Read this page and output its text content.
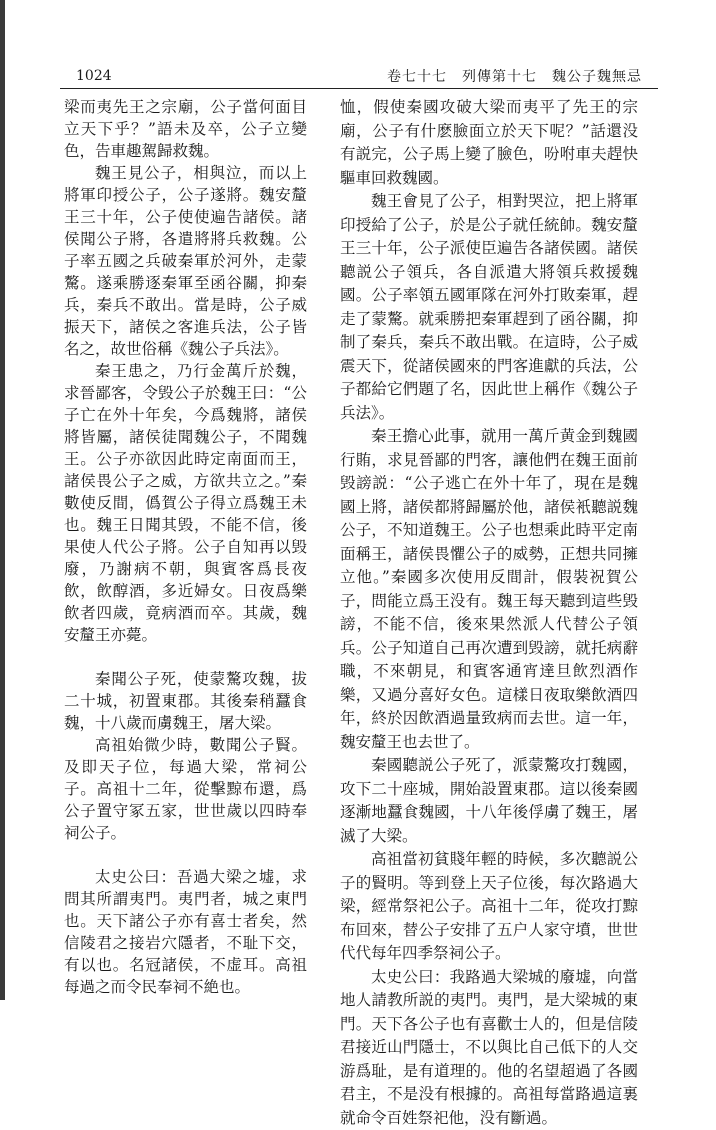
1024	卷七十七　列傳第十七　魏公子魏無忌

梁而夷先王之宗廟，公子當何面目立天下乎？”語未及卒，公子立變色，告車趣駕歸救魏。

魏王見公子，相與泣，而以上將軍印授公子，公子遂將。魏安釐王三十年，公子使使遍告諸侯。諸侯聞公子將，各遣將將兵救魏。公子率五國之兵破秦軍於河外，走蒙驁。遂乘勝逐秦軍至函谷關，抑秦兵，秦兵不敢出。當是時，公子威振天下，諸侯之客進兵法，公子皆名之，故世俗稱《魏公子兵法》。

秦王患之，乃行金萬斤於魏，求晉鄙客，令毁公子於魏王曰：“公子亡在外十年矣，今爲魏將，諸侯將皆屬，諸侯徒聞魏公子，不聞魏王。公子亦欲因此時定南面而王，諸侯畏公子之威，方欲共立之。”秦數使反間，僞賀公子得立爲魏王未也。魏王日聞其毁，不能不信，後果使人代公子將。公子自知再以毁廢，乃謝病不朝，與賓客爲長夜飲，飲醇酒，多近婦女。日夜爲樂飲者四歲，竟病酒而卒。其歲，魏安釐王亦薨。

秦聞公子死，使蒙驁攻魏，拔二十城，初置東郡。其後秦稍蠶食魏，十八歲而虜魏王，屠大梁。

高祖始微少時，數聞公子賢。及即天子位，每過大梁，常祠公子。高祖十二年，從擊黥布還，爲公子置守冢五家，世世歲以四時奉祠公子。

太史公曰：吾過大梁之墟，求問其所謂夷門。夷門者，城之東門也。天下諸公子亦有喜士者矣，然信陵君之接岩穴隱者，不耻下交，有以也。名冠諸侯，不虚耳。高祖每過之而令民奉祠不絶也。

恤，假使秦國攻破大梁而夷平了先王的宗廟，公子有什麽臉面立於天下呢？”話還没有説完，公子馬上變了臉色，吩咐車夫趕快驅車回救魏國。

魏王會見了公子，相對哭泣，把上將軍印授給了公子，於是公子就任統帥。魏安釐王三十年，公子派使臣遍告各諸侯國。諸侯聽説公子領兵，各自派遣大將領兵救援魏國。公子率領五國軍隊在河外打敗秦軍，趕走了蒙驁。就乘勝把秦軍趕到了函谷關，抑制了秦兵，秦兵不敢出戰。在這時，公子威震天下，從諸侯國來的門客進獻的兵法，公子都給它們題了名，因此世上稱作《魏公子兵法》。

秦王擔心此事，就用一萬斤黄金到魏國行賄，求見晉鄙的門客，讓他們在魏王面前毁謗説：“公子逃亡在外十年了，現在是魏國上將，諸侯都將歸屬於他，諸侯衹聽説魏公子，不知道魏王。公子也想乘此時平定南面稱王，諸侯畏懼公子的威勢，正想共同擁立他。”秦國多次使用反間計，假裝祝賀公子，問能立爲王没有。魏王每天聽到這些毁謗，不能不信，後來果然派人代替公子領兵。公子知道自己再次遭到毁謗，就托病辭職，不來朝見，和賓客通宵達旦飲烈酒作樂，又過分喜好女色。這樣日夜取樂飲酒四年，終於因飲酒過量致病而去世。這一年，魏安釐王也去世了。

秦國聽説公子死了，派蒙驁攻打魏國，攻下二十座城，開始設置東郡。這以後秦國逐漸地蠶食魏國，十八年後俘虜了魏王，屠滅了大梁。

高祖當初貧賤年輕的時候，多次聽説公子的賢明。等到登上天子位後，每次路過大梁，經常祭祀公子。高祖十二年，從攻打黥布回來，替公子安排了五户人家守墳，世世代代每年四季祭祠公子。

太史公曰：我路過大梁城的廢墟，向當地人請教所説的夷門。夷門，是大梁城的東門。天下各公子也有喜歡士人的，但是信陵君接近山門隱士，不以與比自己低下的人交游爲耻，是有道理的。他的名望超過了各國君主，不是没有根據的。高祖每當路過這裏就命令百姓祭祀他，没有斷過。
